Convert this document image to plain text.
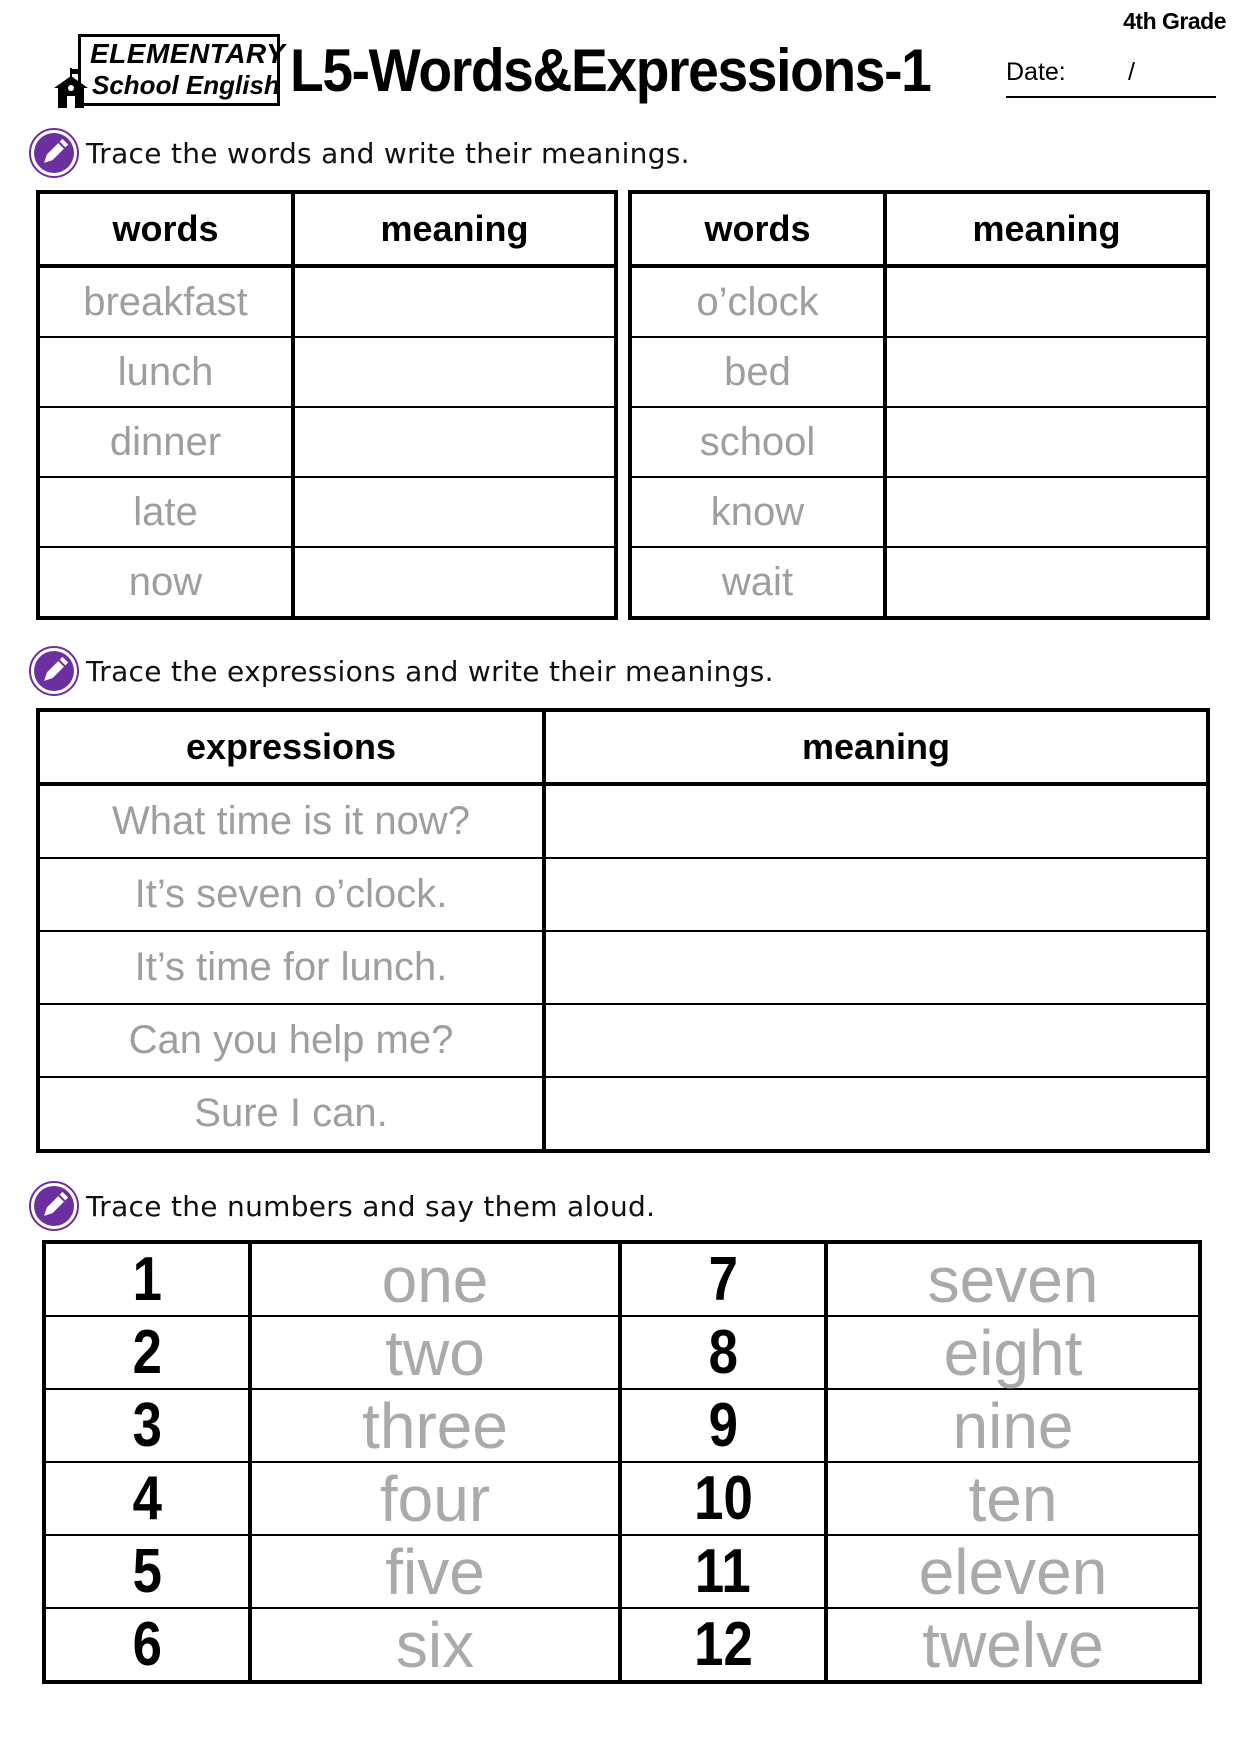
4th Grade
ELEMENTARY
School English L5-Words&Expressions-1	Date: /
Trace the words and write their meanings.
words	meaning
breakfast	
lunch	
dinner	
late	
now	
words	meaning
o’clock	
bed	
school	
know	
wait	
Trace the expressions and write their meanings.
expressions	meaning
What time is it now?	
It’s seven o’clock.	
It’s time for lunch.	
Can you help me?	
Sure I can.	
Trace the numbers and say them aloud.
1	one	7	seven
2	two	8	eight
3	three	9	nine
4	four	10	ten
5	five	11	eleven
6	six	12	twelve
